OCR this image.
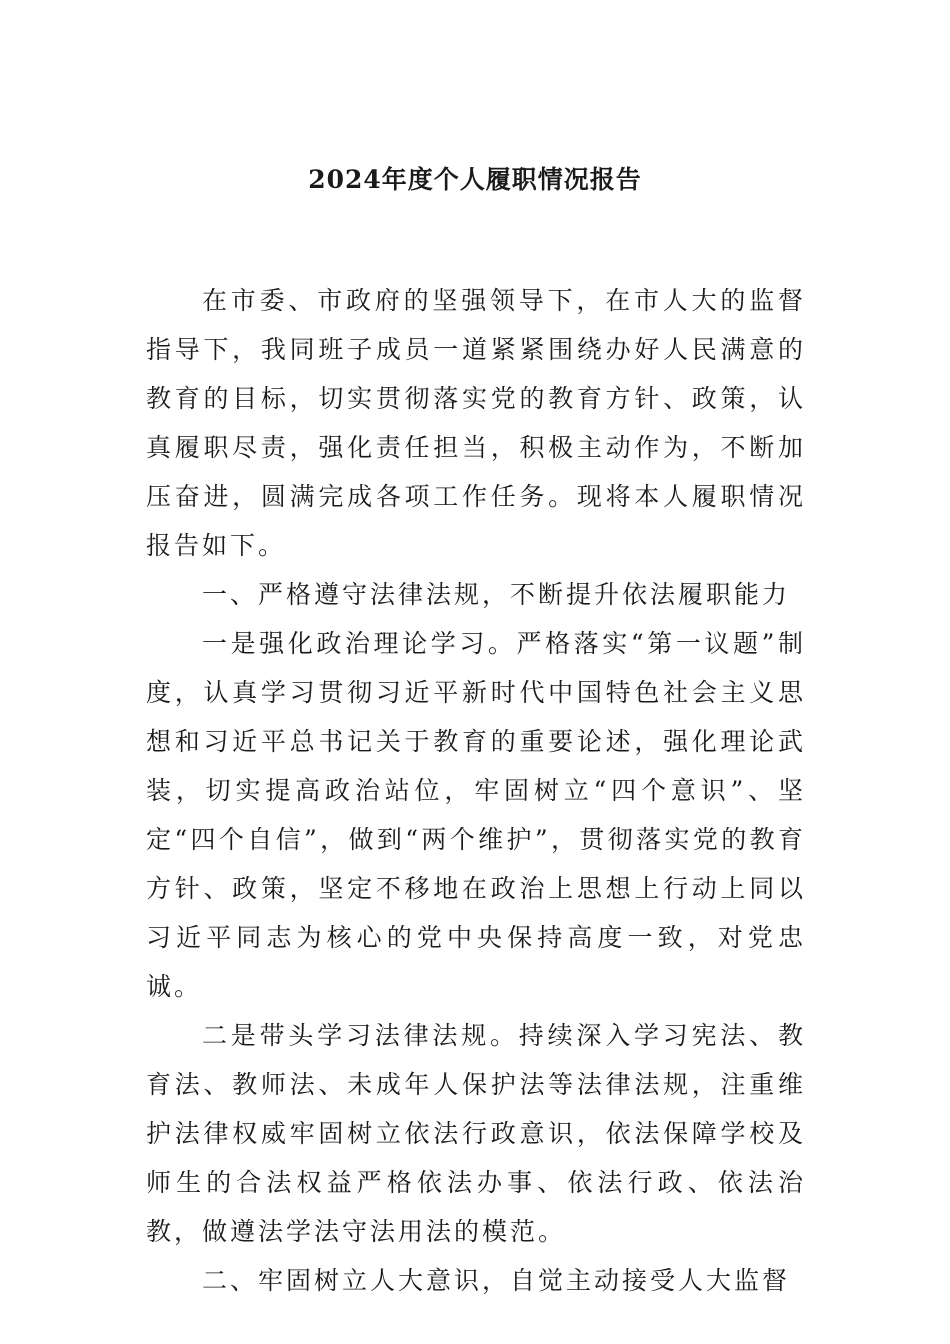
2024年度个人履职情况报告

在市委、市政府的坚强领导下，在市人大的监督指导下，我同班子成员一道紧紧围绕办好人民满意的教育的目标，切实贯彻落实党的教育方针、政策，认真履职尽责，强化责任担当，积极主动作为，不断加压奋进，圆满完成各项工作任务。现将本人履职情况报告如下。

一、严格遵守法律法规，不断提升依法履职能力

一是强化政治理论学习。严格落实“第一议题”制度，认真学习贯彻习近平新时代中国特色社会主义思想和习近平总书记关于教育的重要论述，强化理论武装，切实提高政治站位，牢固树立“四个意识”、坚定“四个自信”，做到“两个维护”，贯彻落实党的教育方针、政策，坚定不移地在政治上思想上行动上同以习近平同志为核心的党中央保持高度一致，对党忠诚。

二是带头学习法律法规。持续深入学习宪法、教育法、教师法、未成年人保护法等法律法规，注重维护法律权威牢固树立依法行政意识，依法保障学校及师生的合法权益严格依法办事、依法行政、依法治教，做遵法学法守法用法的模范。

二、牢固树立人大意识，自觉主动接受人大监督
